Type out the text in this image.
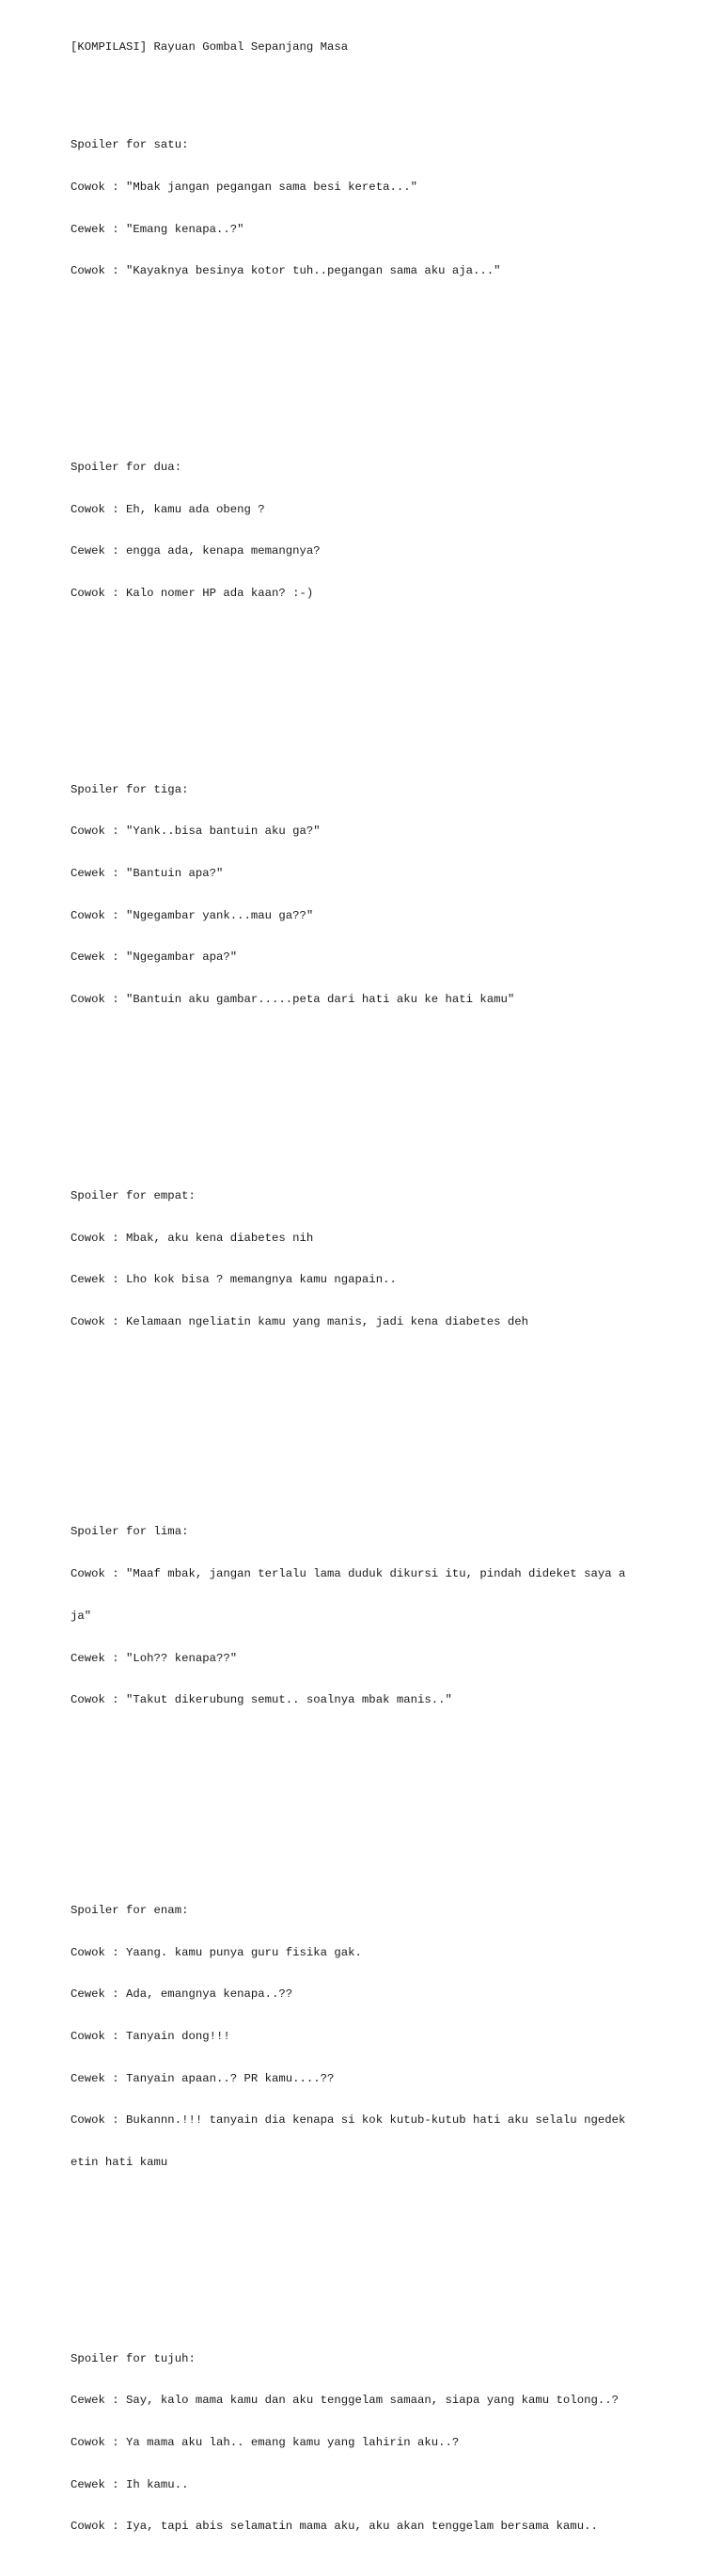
[KOMPILASI] Rayuan Gombal Sepanjang Masa

Spoiler for satu:

Cowok : "Mbak jangan pegangan sama besi kereta..."

Cewek : "Emang kenapa..?"

Cowok : "Kayaknya besinya kotor tuh..pegangan sama aku aja..."

Spoiler for dua:

Cowok : Eh, kamu ada obeng ?

Cewek : engga ada, kenapa memangnya?

Cowok : Kalo nomer HP ada kaan? :-)

Spoiler for tiga:

Cowok : "Yank..bisa bantuin aku ga?"

Cewek : "Bantuin apa?"

Cowok : "Ngegambar yank...mau ga??"

Cewek : "Ngegambar apa?"

Cowok : "Bantuin aku gambar.....peta dari hati aku ke hati kamu"

Spoiler for empat:

Cowok : Mbak, aku kena diabetes nih

Cewek : Lho kok bisa ? memangnya kamu ngapain..

Cowok : Kelamaan ngeliatin kamu yang manis, jadi kena diabetes deh

Spoiler for lima:

Cowok : "Maaf mbak, jangan terlalu lama duduk dikursi itu, pindah dideket saya a

ja"

Cewek : "Loh?? kenapa??"

Cowok : "Takut dikerubung semut.. soalnya mbak manis.."

Spoiler for enam:

Cowok : Yaang. kamu punya guru fisika gak.

Cewek : Ada, emangnya kenapa..??

Cowok : Tanyain dong!!!

Cewek : Tanyain apaan..? PR kamu....??

Cowok : Bukannn.!!! tanyain dia kenapa si kok kutub-kutub hati aku selalu ngedek

etin hati kamu

Spoiler for tujuh:

Cewek : Say, kalo mama kamu dan aku tenggelam samaan, siapa yang kamu tolong..?

Cowok : Ya mama aku lah.. emang kamu yang lahirin aku..?

Cewek : Ih kamu..

Cowok : Iya, tapi abis selamatin mama aku, aku akan tenggelam bersama kamu..
